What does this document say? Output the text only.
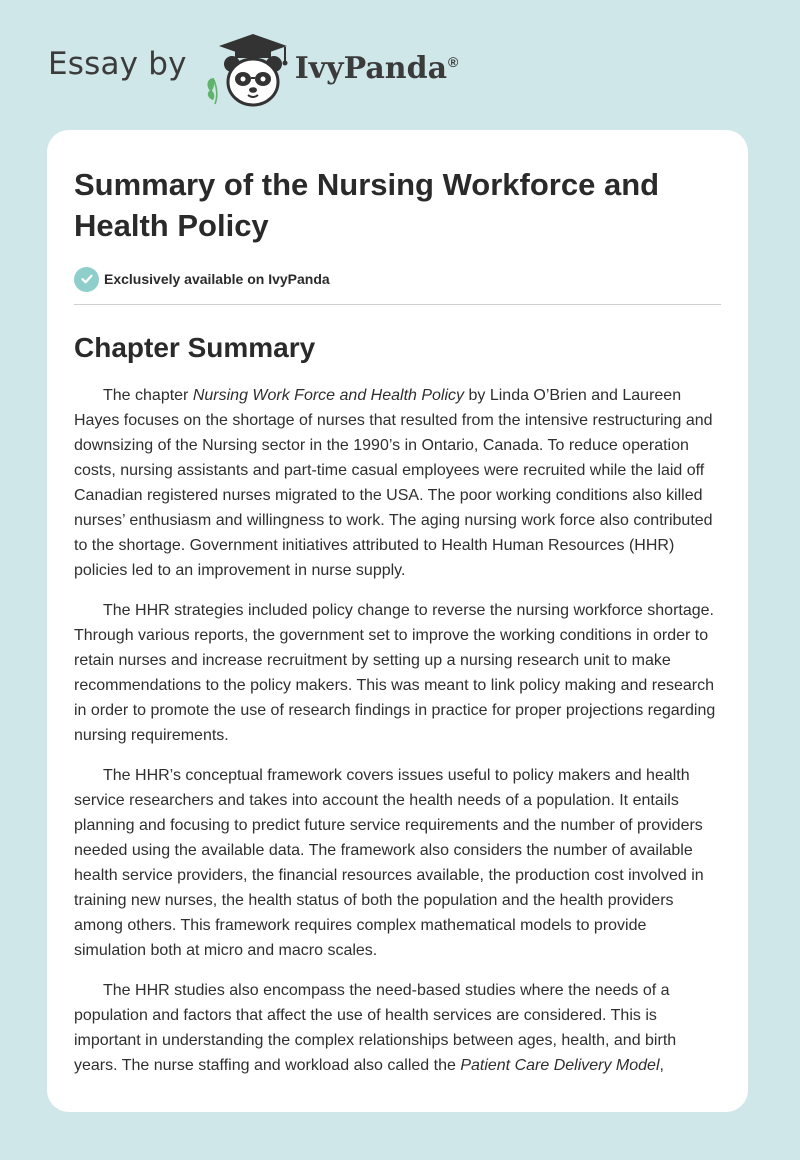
Essay by	IvyPanda®
Summary of the Nursing Workforce and Health Policy
Exclusively available on IvyPanda
Chapter Summary

The chapter Nursing Work Force and Health Policy by Linda O’Brien and Laureen Hayes focuses on the shortage of nurses that resulted from the intensive restructuring and downsizing of the Nursing sector in the 1990’s in Ontario, Canada. To reduce operation costs, nursing assistants and part-time casual employees were recruited while the laid off Canadian registered nurses migrated to the USA. The poor working conditions also killed nurses’ enthusiasm and willingness to work. The aging nursing work force also contributed to the shortage. Government initiatives attributed to Health Human Resources (HHR) policies led to an improvement in nurse supply.

The HHR strategies included policy change to reverse the nursing workforce shortage. Through various reports, the government set to improve the working conditions in order to retain nurses and increase recruitment by setting up a nursing research unit to make recommendations to the policy makers. This was meant to link policy making and research in order to promote the use of research findings in practice for proper projections regarding nursing requirements.

The HHR’s conceptual framework covers issues useful to policy makers and health service researchers and takes into account the health needs of a population. It entails planning and focusing to predict future service requirements and the number of providers needed using the available data. The framework also considers the number of available health service providers, the financial resources available, the production cost involved in training new nurses, the health status of both the population and the health providers among others. This framework requires complex mathematical models to provide simulation both at micro and macro scales.

The HHR studies also encompass the need-based studies where the needs of a population and factors that affect the use of health services are considered. This is important in understanding the complex relationships between ages, health, and birth years. The nurse staffing and workload also called the Patient Care Delivery Model,
